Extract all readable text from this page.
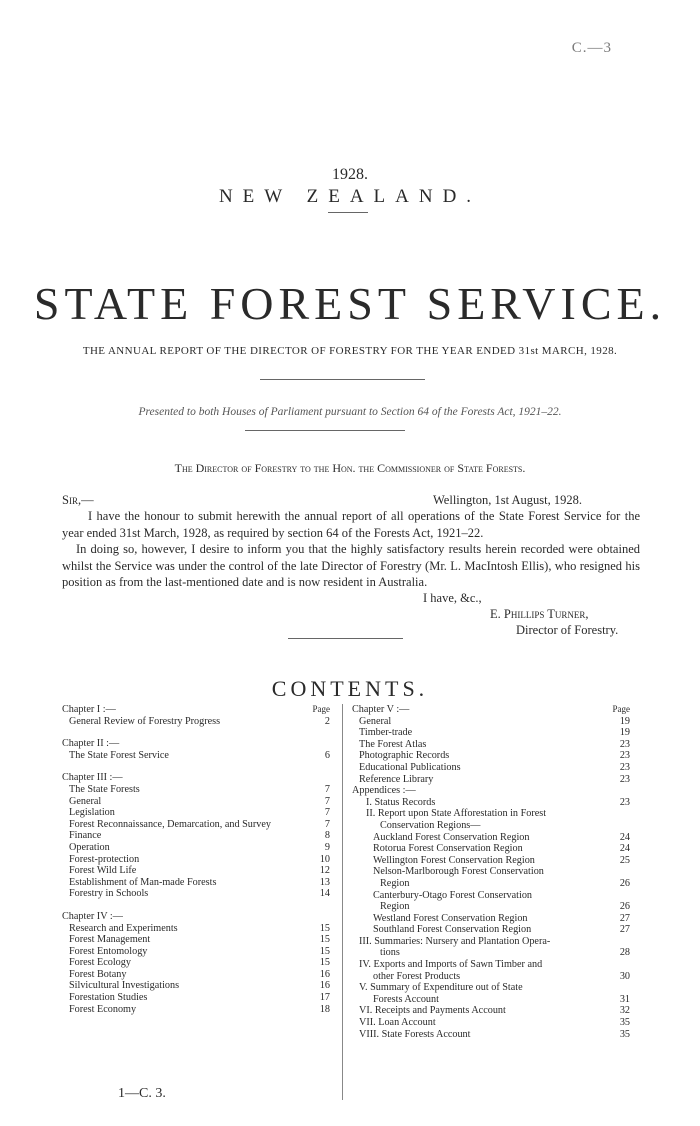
C.—3
1928.
NEW ZEALAND.
STATE FOREST SERVICE.
THE ANNUAL REPORT OF THE DIRECTOR OF FORESTRY FOR THE YEAR ENDED 31st MARCH, 1928.
Presented to both Houses of Parliament pursuant to Section 64 of the Forests Act, 1921–22.
The Director of Forestry to the Hon. the Commissioner of State Forests.
Sir,—	Wellington, 1st August, 1928.
I have the honour to submit herewith the annual report of all operations of the State Forest Service for the year ended 31st March, 1928, as required by section 64 of the Forests Act, 1921–22.
In doing so, however, I desire to inform you that the highly satisfactory results herein recorded were obtained whilst the Service was under the control of the late Director of Forestry (Mr. L. MacIntosh Ellis), who resigned his position as from the last-mentioned date and is now resident in Australia.
I have, &c.,
E. Phillips Turner,
Director of Forestry.
CONTENTS.
Page
Chapter I :—
General Review of Forestry Progress	2
Chapter II :—
The State Forest Service	6
Chapter III :—
The State Forests	7
General	7
Legislation	7
Forest Reconnaissance, Demarcation, and Survey	7
Finance	8
Operation	9
Forest-protection	10
Forest Wild Life	12
Establishment of Man-made Forests	13
Forestry in Schools	14
Chapter IV :—
Research and Experiments	15
Forest Management	15
Forest Entomology	15
Forest Ecology	15
Forest Botany	16
Silvicultural Investigations	16
Forestation Studies	17
Forest Economy	18
Page
Chapter V :—
General	19
Timber-trade	19
The Forest Atlas	23
Photographic Records	23
Educational Publications	23
Reference Library	23
Appendices :—
I. Status Records	23
II. Report upon State Afforestation in Forest
Conservation Regions—
Auckland Forest Conservation Region	24
Rotorua Forest Conservation Region	24
Wellington Forest Conservation Region	25
Nelson-Marlborough Forest Conservation
Region	26
Canterbury-Otago Forest Conservation
Region	26
Westland Forest Conservation Region	27
Southland Forest Conservation Region	27
III. Summaries: Nursery and Plantation Opera-
tions	28
IV. Exports and Imports of Sawn Timber and
other Forest Products	30
V. Summary of Expenditure out of State
Forests Account	31
VI. Receipts and Payments Account	32
VII. Loan Account	35
VIII. State Forests Account	35
1—C. 3.
